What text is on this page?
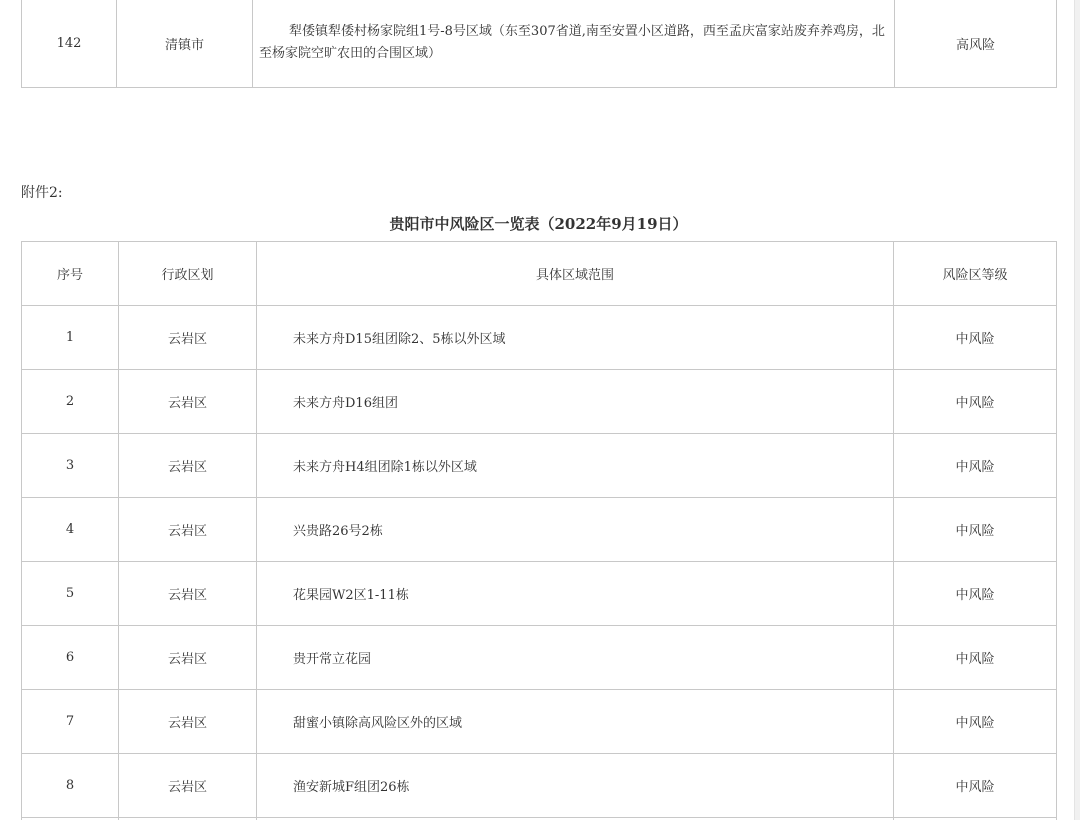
142	清镇市	犁倭镇犁倭村杨家院组1号-8号区域（东至307省道,南至安置小区道路，西至孟庆富家站废弃养鸡房，北至杨家院空旷农田的合围区域）	高风险
附件2:
贵阳市中风险区一览表（2022年9月19日）
序号	行政区划	具体区域范围	风险区等级
1	云岩区	未来方舟D15组团除2、5栋以外区域	中风险
2	云岩区	未来方舟D16组团	中风险
3	云岩区	未来方舟H4组团除1栋以外区域	中风险
4	云岩区	兴贵路26号2栋	中风险
5	云岩区	花果园W2区1-11栋	中风险
6	云岩区	贵开常立花园	中风险
7	云岩区	甜蜜小镇除高风险区外的区域	中风险
8	云岩区	渔安新城F组团26栋	中风险
